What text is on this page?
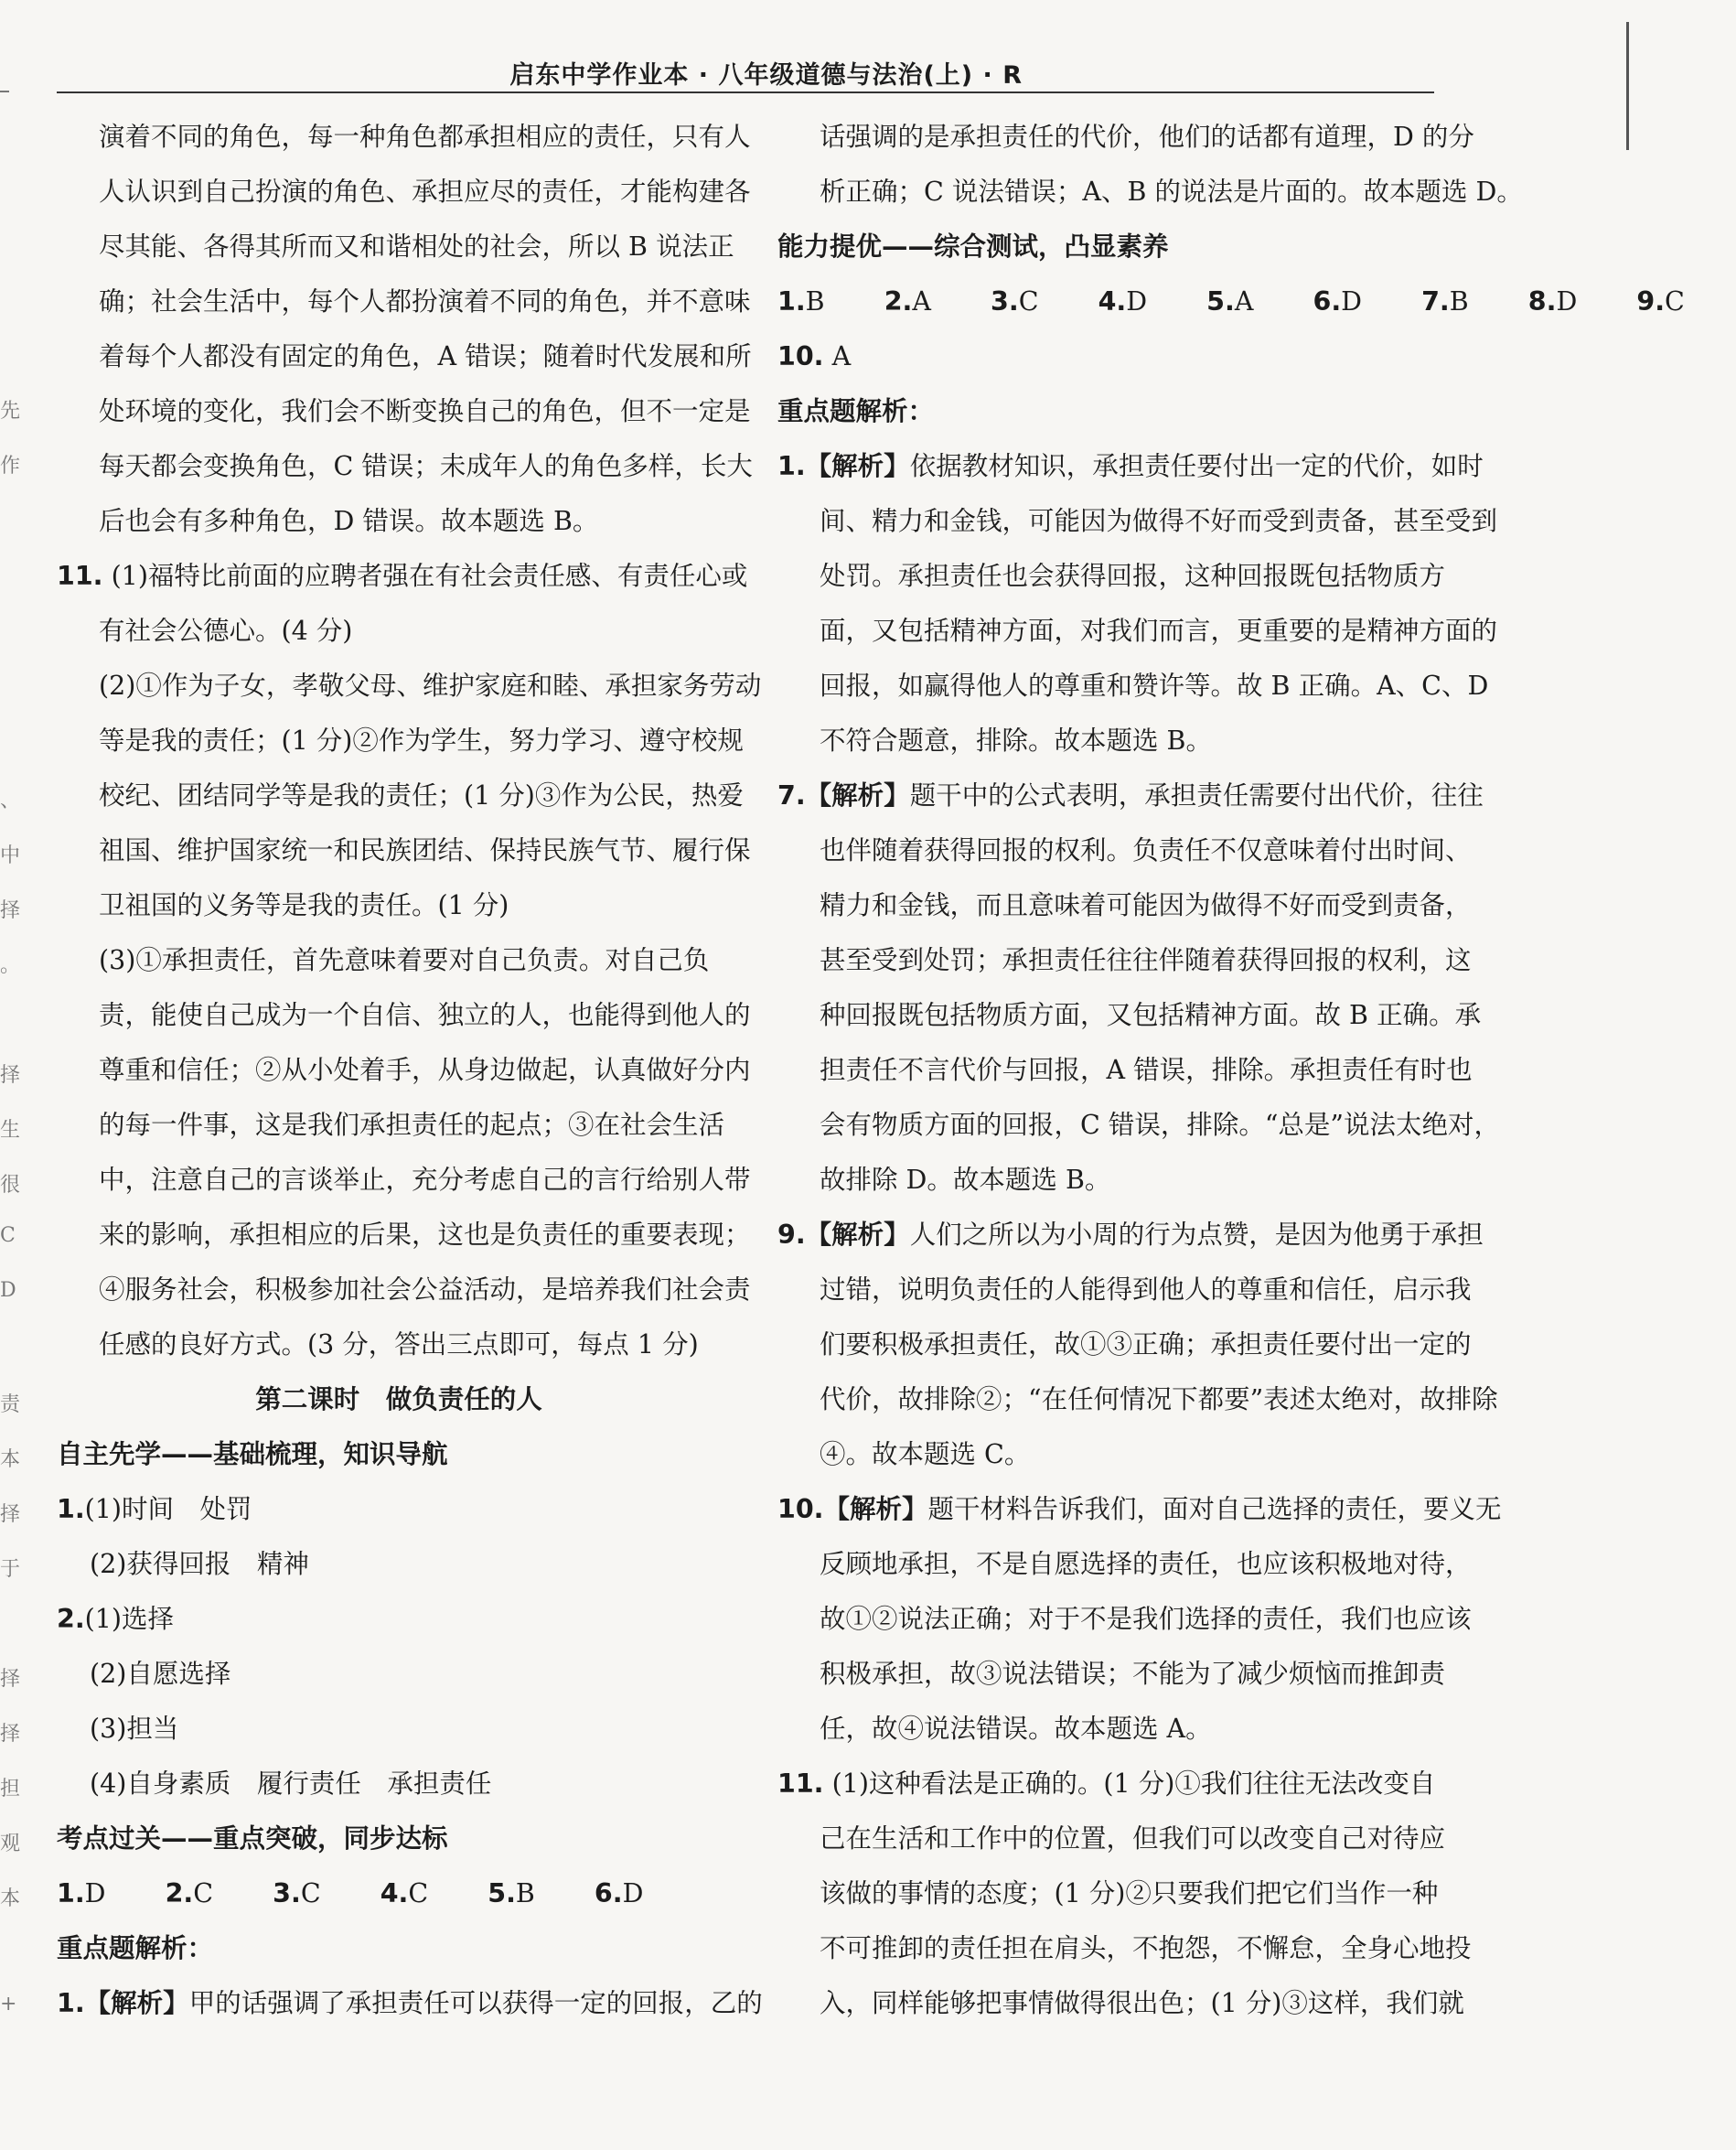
先
作
、
中
择
。
择
生
很
C
D
责
本
择
于
择
择
担
观
本
+
启东中学作业本 · 八年级道德与法治(上) · R
演着不同的角色，每一种角色都承担相应的责任，只有人
人认识到自己扮演的角色、承担应尽的责任，才能构建各
尽其能、各得其所而又和谐相处的社会，所以 B 说法正
确；社会生活中，每个人都扮演着不同的角色，并不意味
着每个人都没有固定的角色，A 错误；随着时代发展和所
处环境的变化，我们会不断变换自己的角色，但不一定是
每天都会变换角色，C 错误；未成年人的角色多样，长大
后也会有多种角色，D 错误。故本题选 B。
11. (1)福特比前面的应聘者强在有社会责任感、有责任心或
有社会公德心。(4 分)
(2)①作为子女，孝敬父母、维护家庭和睦、承担家务劳动
等是我的责任；(1 分)②作为学生，努力学习、遵守校规
校纪、团结同学等是我的责任；(1 分)③作为公民，热爱
祖国、维护国家统一和民族团结、保持民族气节、履行保
卫祖国的义务等是我的责任。(1 分)
(3)①承担责任，首先意味着要对自己负责。对自己负
责，能使自己成为一个自信、独立的人，也能得到他人的
尊重和信任；②从小处着手，从身边做起，认真做好分内
的每一件事，这是我们承担责任的起点；③在社会生活
中，注意自己的言谈举止，充分考虑自己的言行给别人带
来的影响，承担相应的后果，这也是负责任的重要表现；
④服务社会，积极参加社会公益活动，是培养我们社会责
任感的良好方式。(3 分，答出三点即可，每点 1 分)
第二课时　做负责任的人
自主先学——基础梳理，知识导航
1.(1)时间　处罚
(2)获得回报　精神
2.(1)选择
(2)自愿选择
(3)担当
(4)自身素质　履行责任　承担责任
考点过关——重点突破，同步达标
1.D 2.C 3.C 4.C 5.B 6.D
重点题解析：
1.【解析】甲的话强调了承担责任可以获得一定的回报，乙的
话强调的是承担责任的代价，他们的话都有道理，D 的分
析正确；C 说法错误；A、B 的说法是片面的。故本题选 D。
能力提优——综合测试，凸显素养
1.B 2.A 3.C 4.D 5.A 6.D 7.B 8.D 9.C
10. A
重点题解析：
1.【解析】依据教材知识，承担责任要付出一定的代价，如时
间、精力和金钱，可能因为做得不好而受到责备，甚至受到
处罚。承担责任也会获得回报，这种回报既包括物质方
面，又包括精神方面，对我们而言，更重要的是精神方面的
回报，如赢得他人的尊重和赞许等。故 B 正确。A、C、D
不符合题意，排除。故本题选 B。
7.【解析】题干中的公式表明，承担责任需要付出代价，往往
也伴随着获得回报的权利。负责任不仅意味着付出时间、
精力和金钱，而且意味着可能因为做得不好而受到责备，
甚至受到处罚；承担责任往往伴随着获得回报的权利，这
种回报既包括物质方面，又包括精神方面。故 B 正确。承
担责任不言代价与回报，A 错误，排除。承担责任有时也
会有物质方面的回报，C 错误，排除。“总是”说法太绝对，
故排除 D。故本题选 B。
9.【解析】人们之所以为小周的行为点赞，是因为他勇于承担
过错，说明负责任的人能得到他人的尊重和信任，启示我
们要积极承担责任，故①③正确；承担责任要付出一定的
代价，故排除②；“在任何情况下都要”表述太绝对，故排除
④。故本题选 C。
10.【解析】题干材料告诉我们，面对自己选择的责任，要义无
反顾地承担，不是自愿选择的责任，也应该积极地对待，
故①②说法正确；对于不是我们选择的责任，我们也应该
积极承担，故③说法错误；不能为了减少烦恼而推卸责
任，故④说法错误。故本题选 A。
11. (1)这种看法是正确的。(1 分)①我们往往无法改变自
己在生活和工作中的位置，但我们可以改变自己对待应
该做的事情的态度；(1 分)②只要我们把它们当作一种
不可推卸的责任担在肩头，不抱怨，不懈怠，全身心地投
入，同样能够把事情做得很出色；(1 分)③这样，我们就
